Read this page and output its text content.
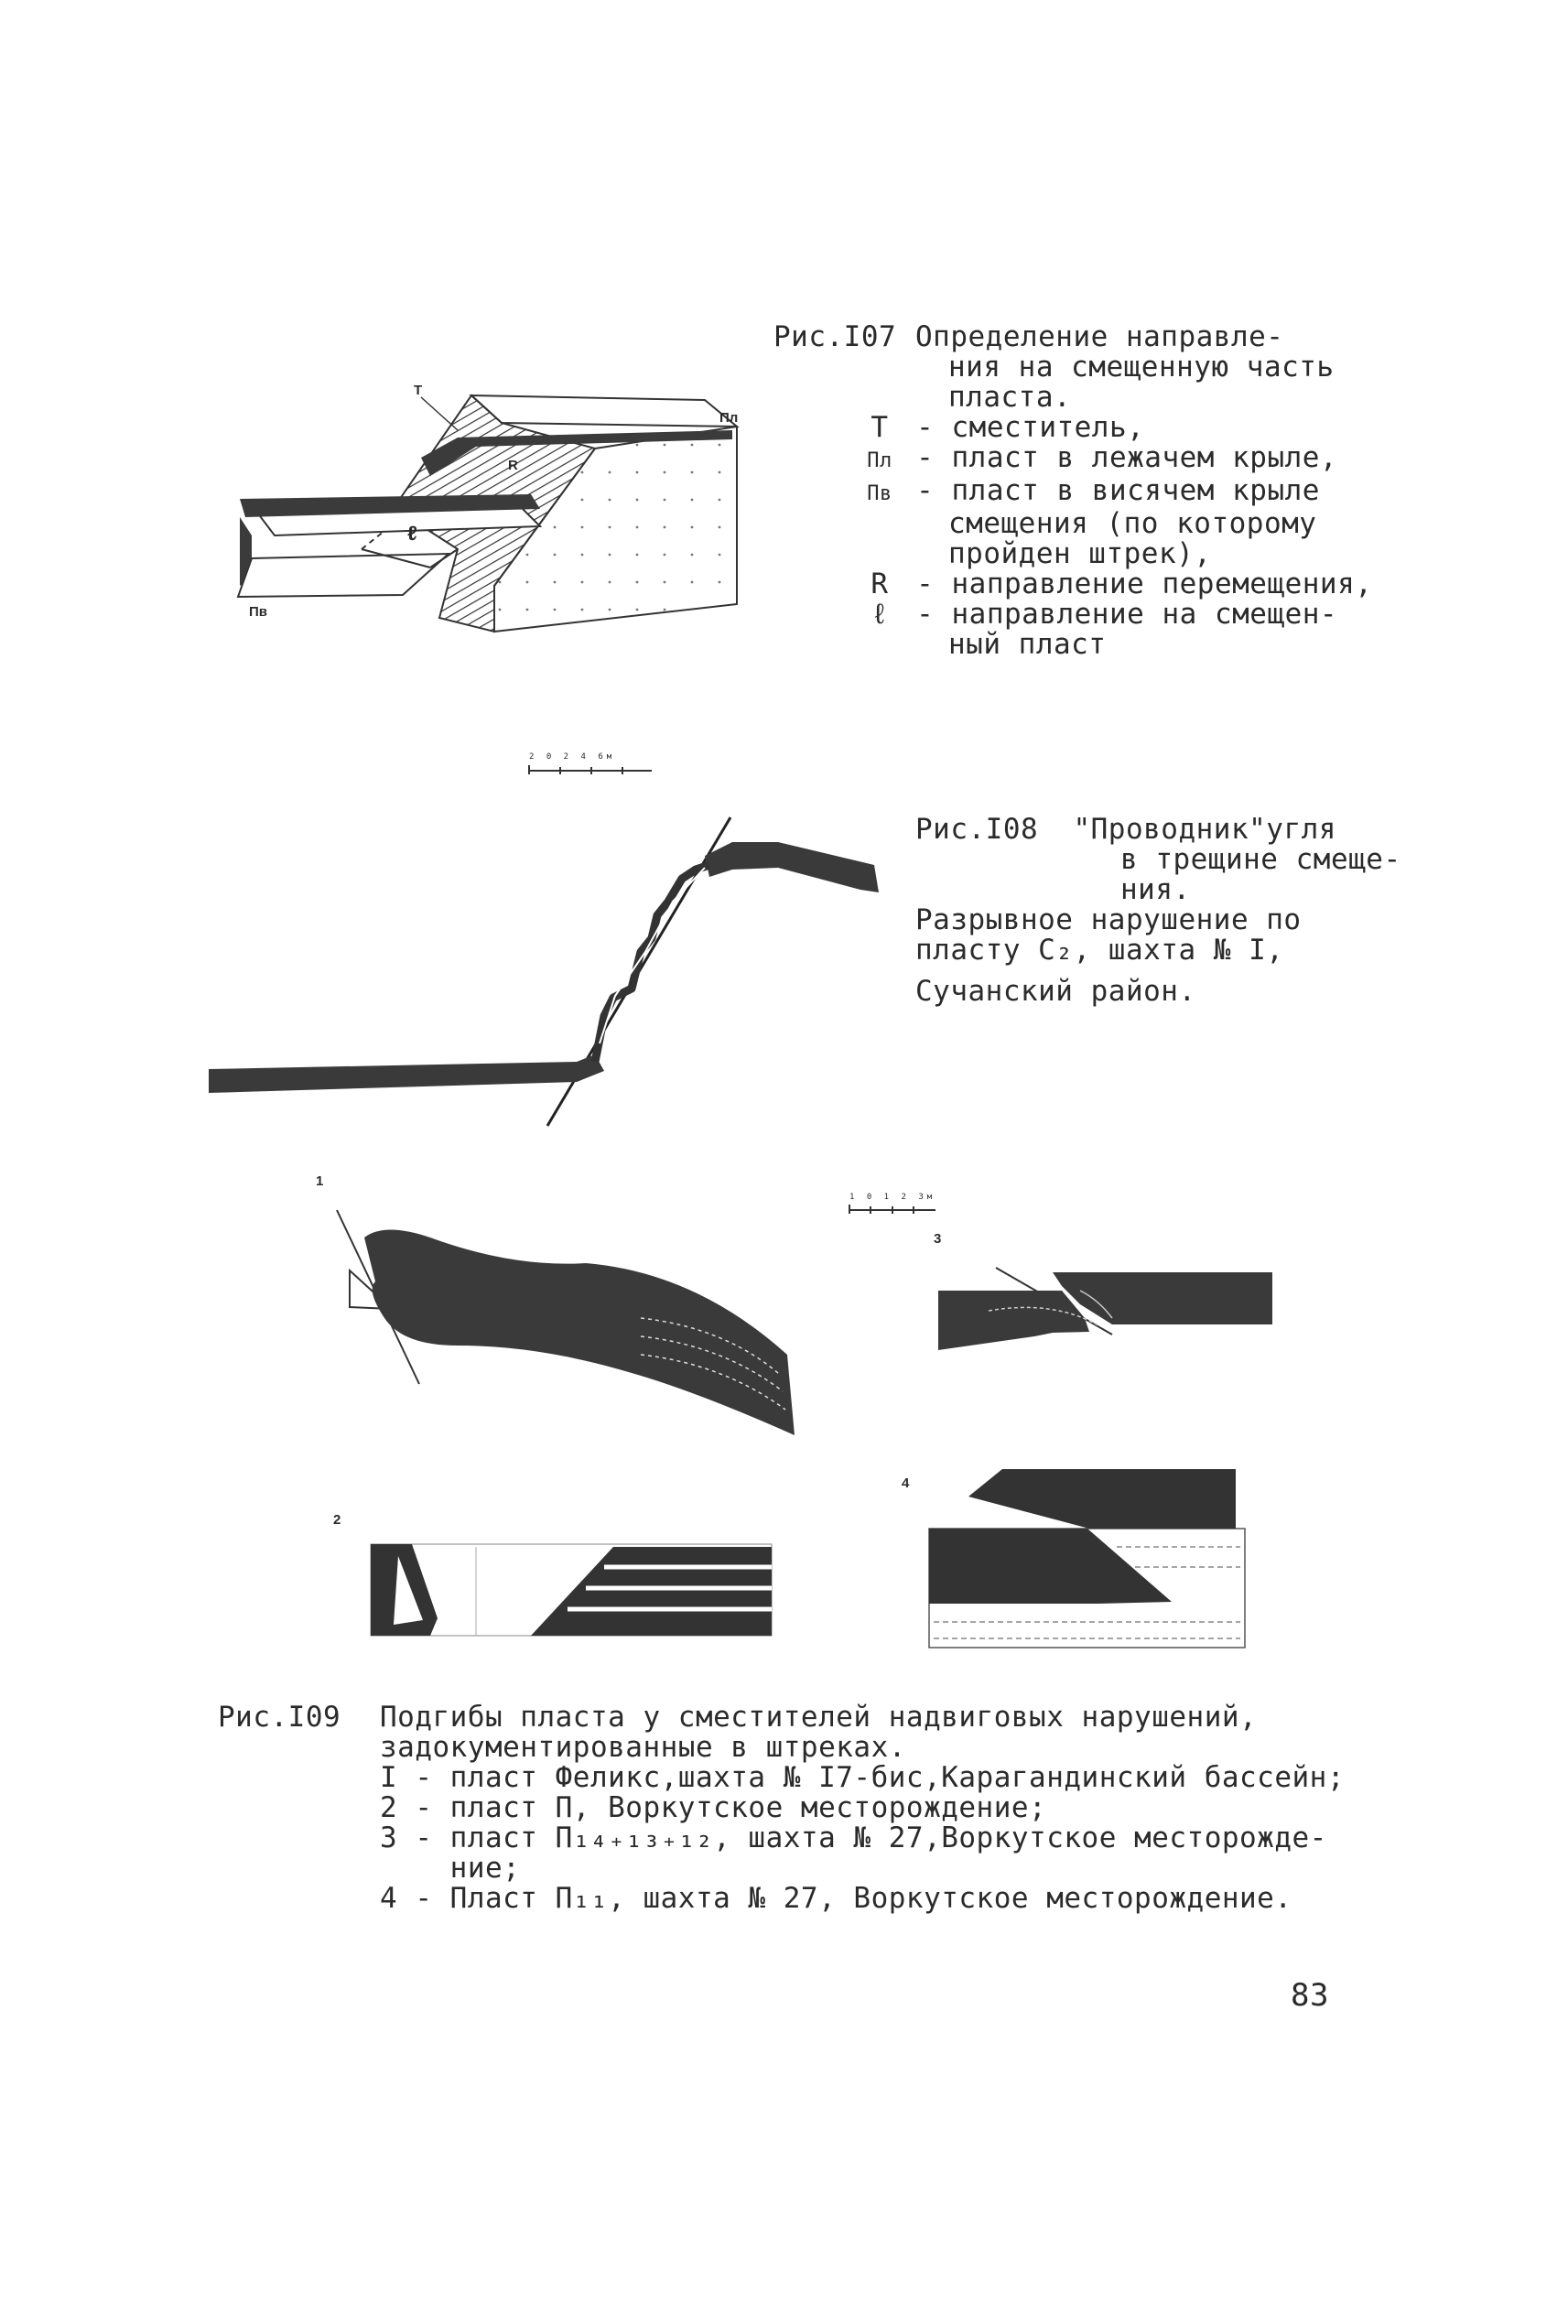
Т
Пл
Пв
ℓ
R
Рис.I07 Определение направле-
ния на смещенную часть
пласта.
Т - сместитель,
Пл - пласт в лежачем крыле,
Пв - пласт в висячем крыле
смещения (по которому
пройден штрек),
R - направление перемещения,
ℓ - направление на смещен-
ный пласт
2 0 2 4 6м
Рис.I08 "Проводник"угля
в трещине смеще-
ния.
Разрывное нарушение по
пласту С₂, шахта № I,
Сучанский район.
1
2
3
4
1 0 1 2 3м
Рис.I09 Подгибы пласта у сместителей надвиговых нарушений,
задокументированные в штреках.
I - пласт Феликс,шахта № I7-бис,Карагандинский бассейн;
2 - пласт П, Воркутское месторождение;
3 - пласт П₁₄₊₁₃₊₁₂, шахта № 27,Воркутское месторожде-
ние;
4 - Пласт П₁₁, шахта № 27, Воркутское месторождение.
83
